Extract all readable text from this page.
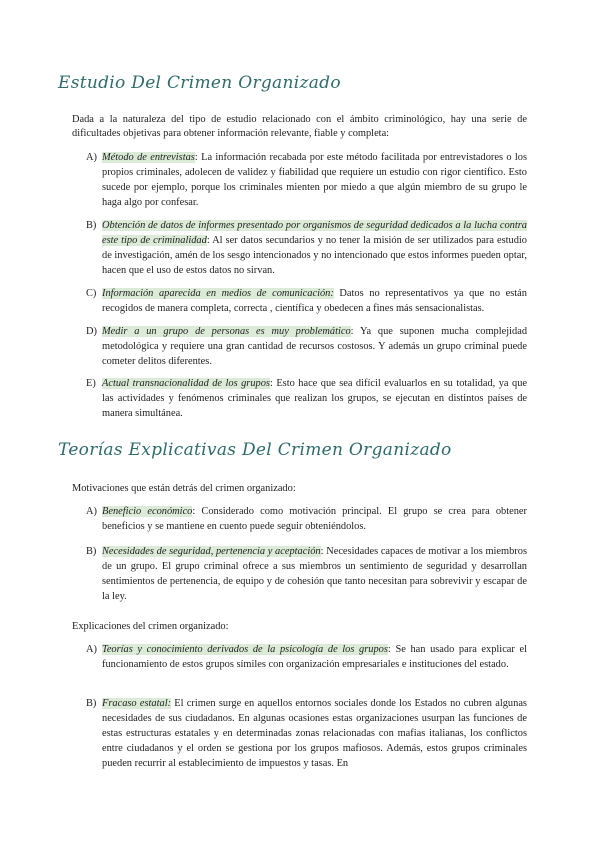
Estudio Del Crimen Organizado

Dada a la naturaleza del tipo de estudio relacionado con el ámbito criminológico, hay una serie de dificultades objetivas para obtener información relevante, fiable y completa:

A) Método de entrevistas: La información recabada por este método facilitada por entrevistadores o los propios criminales, adolecen de validez y fiabilidad que requiere un estudio con rigor científico. Esto sucede por ejemplo, porque los criminales mienten por miedo a que algún miembro de su grupo le haga algo por confesar.
B) Obtención de datos de informes presentado por organismos de seguridad dedicados a la lucha contra este tipo de criminalidad: Al ser datos secundarios y no tener la misión de ser utilizados para estudio de investigación, amén de los sesgo intencionados y no intencionado que estos informes pueden optar, hacen que el uso de estos datos no sirvan.
C) Información aparecida en medios de comunicación: Datos no representativos ya que no están recogidos de manera completa, correcta , científica y obedecen a fines más sensacionalistas.
D) Medir a un grupo de personas es muy problemático: Ya que suponen mucha complejidad metodológica y requiere una gran cantidad de recursos costosos. Y además un grupo criminal puede cometer delitos diferentes.
E) Actual transnacionalidad de los grupos: Esto hace que sea difícil evaluarlos en su totalidad, ya que las actividades y fenómenos criminales que realizan los grupos, se ejecutan en distintos países de manera simultánea.
Teorías Explicativas Del Crimen Organizado

Motivaciones que están detrás del crimen organizado:

A) Beneficio económico: Considerado como motivación principal. El grupo se crea para obtener beneficios y se mantiene en cuento puede seguir obteniéndolos.
B) Necesidades de seguridad, pertenencia y aceptación: Necesidades capaces de motivar a los miembros de un grupo. El grupo criminal ofrece a sus miembros un sentimiento de seguridad y desarrollan sentimientos de pertenencia, de equipo y de cohesión que tanto necesitan para sobrevivir y escapar de la ley.

Explicaciones del crimen organizado:

A) Teorías y conocimiento derivados de la psicología de los grupos: Se han usado para explicar el funcionamiento de estos grupos símiles con organización empresariales e instituciones del estado.
B) Fracaso estatal: El crimen surge en aquellos entornos sociales donde los Estados no cubren algunas necesidades de sus ciudadanos. En algunas ocasiones estas organizaciones usurpan las funciones de estas estructuras estatales y en determinadas zonas relacionadas con mafias italianas, los conflictos entre ciudadanos y el orden se gestiona por los grupos mafiosos. Además, estos grupos criminales pueden recurrir al establecimiento de impuestos y tasas. En
